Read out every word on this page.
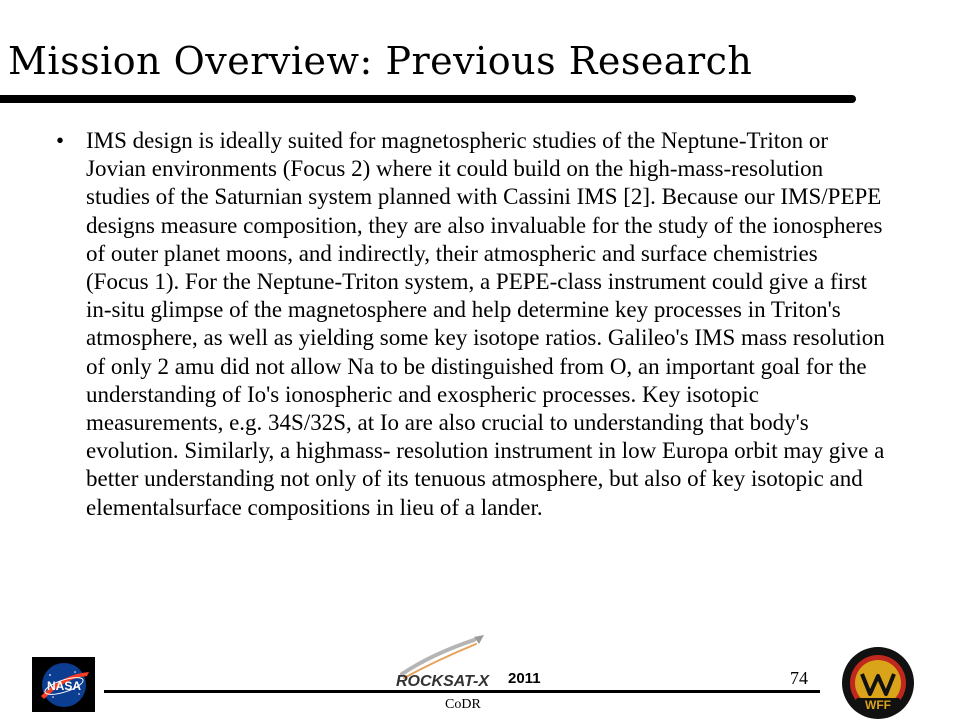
Mission Overview: Previous Research
• IMS design is ideally suited for magnetospheric studies of the Neptune-Triton or Jovian environments (Focus 2) where it could build on the high-mass-resolution studies of the Saturnian system planned with Cassini IMS [2]. Because our IMS/PEPE designs measure composition, they are also invaluable for the study of the ionospheres of outer planet moons, and indirectly, their atmospheric and surface chemistries (Focus 1). For the Neptune-Triton system, a PEPE-class instrument could give a first in-situ glimpse of the magnetosphere and help determine key processes in Triton's atmosphere, as well as yielding some key isotope ratios. Galileo's IMS mass resolution of only 2 amu did not allow Na to be distinguished from O, an important goal for the understanding of Io's ionospheric and exospheric processes. Key isotopic measurements, e.g. 34S/32S, at Io are also crucial to understanding that body's evolution. Similarly, a highmass- resolution instrument in low Europa orbit may give a better understanding not only of its tenuous atmosphere, but also of key isotopic and elementalsurface compositions in lieu of a lander.
NASA	ROCKSAT-X 2011	74
CoDR	WFF
